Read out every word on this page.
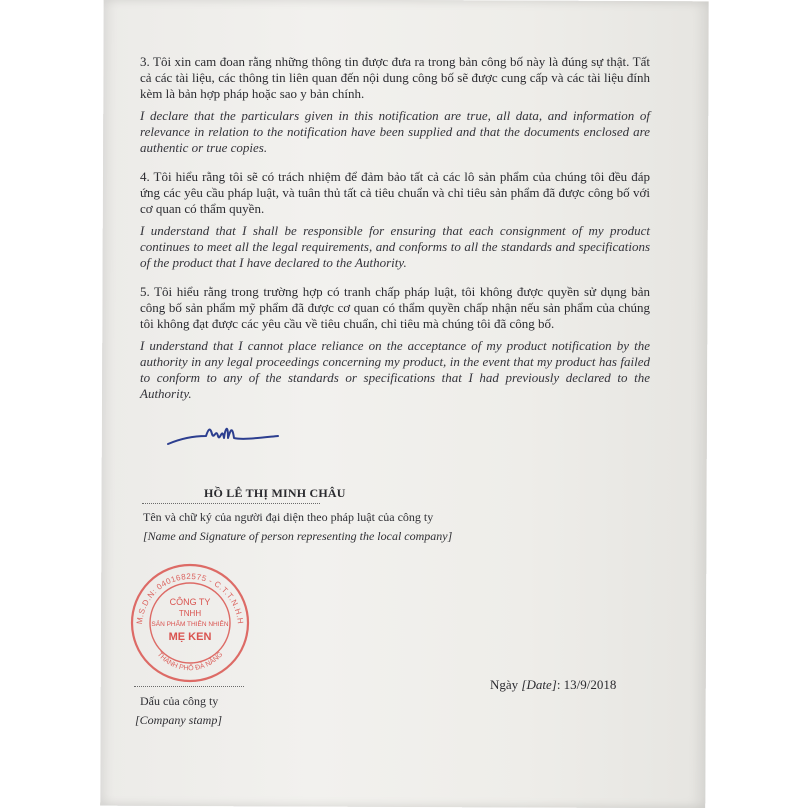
3. Tôi xin cam đoan rằng những thông tin được đưa ra trong bản công bố này là đúng sự thật. Tất cả các tài liệu, các thông tin liên quan đến nội dung công bố sẽ được cung cấp và các tài liệu đính kèm là bản hợp pháp hoặc sao y bản chính.

I declare that the particulars given in this notification are true, all data, and information of relevance in relation to the notification have been supplied and that the documents enclosed are authentic or true copies.

4. Tôi hiểu rằng tôi sẽ có trách nhiệm để đảm bảo tất cả các lô sản phẩm của chúng tôi đều đáp ứng các yêu cầu pháp luật, và tuân thủ tất cả tiêu chuẩn và chỉ tiêu sản phẩm đã được công bố với cơ quan có thẩm quyền.

I understand that I shall be responsible for ensuring that each consignment of my product continues to meet all the legal requirements, and conforms to all the standards and specifications of the product that I have declared to the Authority.

5. Tôi hiểu rằng trong trường hợp có tranh chấp pháp luật, tôi không được quyền sử dụng bản công bố sản phẩm mỹ phẩm đã được cơ quan có thẩm quyền chấp nhận nếu sản phẩm của chúng tôi không đạt được các yêu cầu về tiêu chuẩn, chỉ tiêu mà chúng tôi đã công bố.

I understand that I cannot place reliance on the acceptance of my product notification by the authority in any legal proceedings concerning my product, in the event that my product has failed to conform to any of the standards or specifications that I had previously declared to the Authority.

HỒ LÊ THỊ MINH CHÂU
Tên và chữ ký của người đại diện theo pháp luật của công ty
[Name and Signature of person representing the local company]
M.S.D.N: 0401682575 - C.T.T.N.H.H
CÔNG TY
TNHH
SẢN PHẨM THIÊN NHIÊN
MẸ KEN
THÀNH PHỐ ĐÀ NẴNG
Dấu của công ty
[Company stamp]
Ngày [Date]: 13/9/2018
